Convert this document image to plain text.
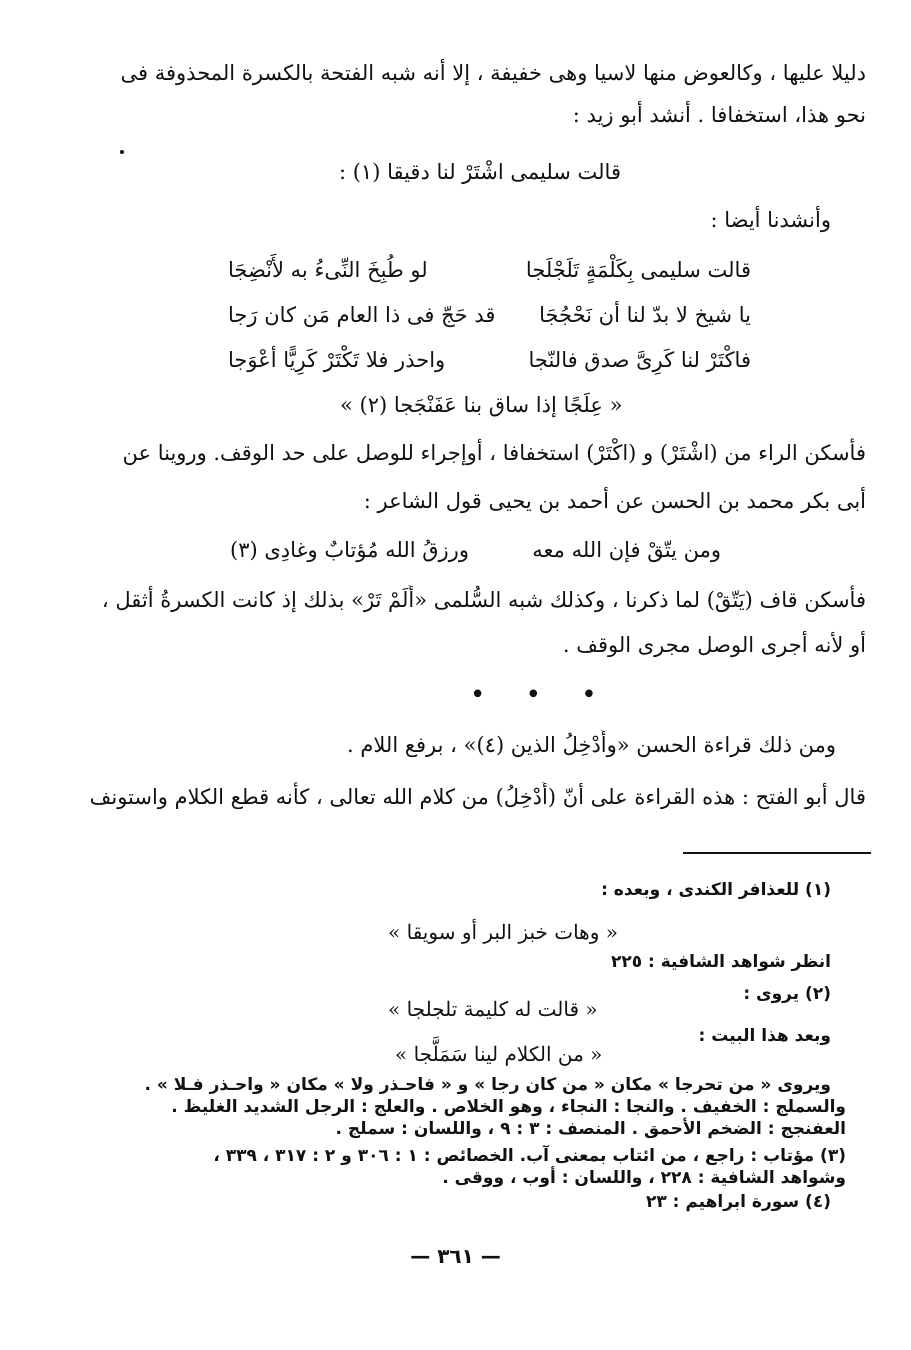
دليلا عليها ، وكالعوض منها لاسيا وهى خفيفة ، إلا أنه شبه الفتحة بالكسرة المحذوفة فى
نحو هذا، استخفافا . أنشد أبو زيد :
قالت سليمى اشْتَرْ لنا دقيقا (١) :
وأنشدنا أيضا :
قالت سليمى بِكَلْمَةٍ تَلَجْلَجا
لو طُبِخَ النِّىءُ به لأَنْضِجَا
يا شيخ لا بدّ لنا أن نَحْجُجَا
قد حَجّ فى ذا العام مَن كان رَجا
فاكْتَرْ لنا كَرِىَّ صدق فالنّجا
واحذر فلا تَكْتَرْ كَرِيًّا أعْوَجا
« عِلَجًا إذا ساق بنا عَفَنْجَجا (٢) »
فأسكن الراء من (اشْتَرْ) و (اكْتَرْ) استخفافا ، أوإجراء للوصل على حد الوقف. وروينا عن
أبى بكر محمد بن الحسن عن أحمد بن يحيى قول الشاعر :
ومن يتّقْ فإن الله معه
ورزقُ الله مُؤتابٌ وغادِى (٣)
فأسكن قاف (يَتّقْ) لما ذكرنا ، وكذلك شبه السُّلمى «أَلَمْ تَرْ» بذلك إذ كانت الكسرةُ أثقل ،
أو لأنه أجرى الوصل مجرى الوقف .
• • •
ومن ذلك قراءة الحسن «وأُدْخِلُ الذين (٤)» ، برفع اللام .
قال أبو الفتح : هذه القراءة على أنّ (أُدْخِلُ) من كلام الله تعالى ، كأنه قطع الكلام واستونف
(١) للعذافر الكندى ، وبعده :
« وهات خبز البر أو سويقا »
انظر شواهد الشافية : ٢٢٥
(٢) يروى :
« قالت له كليمة تلجلجا »
وبعد هذا البيت :
« من الكلام لينا سَمَلَّجا »
ويروى « من تحرجا » مكان « من كان رجا » و « فاحـذر ولا » مكان « واحـذر فـلا » .
والسملج : الخفيف . والنجا : النجاء ، وهو الخلاص . والعلج : الرجل الشديد الغليظ .
العفنجج : الضخم الأحمق . المنصف : ٣ : ٩ ، واللسان : سملج .
(٣) مؤتاب : راجع ، من ائتاب بمعنى آب. الخصائص : ١ : ٣٠٦ و ٢ : ٣١٧ ، ٣٣٩ ،
وشواهد الشافية : ٢٢٨ ، واللسان : أوب ، ووقى .
(٤) سورة ابراهيم : ٢٣
— ٣٦١ —
